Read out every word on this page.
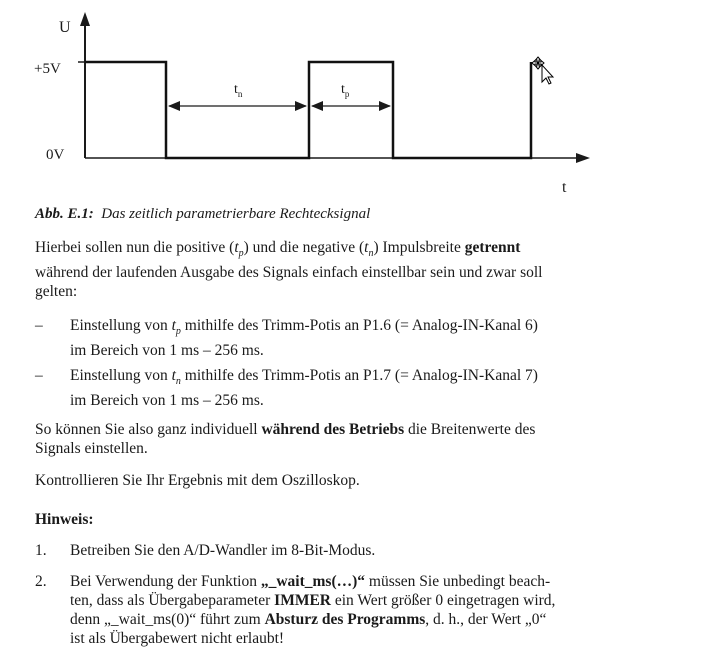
U
+5V
0V
t
$t_n$	$t_p$
Abb. E.1: Das zeitlich parametrierbare Rechtecksignal
Hierbei sollen nun die positive $(t_p)$ und die negative $(t_n)$ Impulsbreite getrennt
während der laufenden Ausgabe des Signals einfach einstellbar sein und zwar soll
gelten:
– Einstellung von $t_p$ mithilfe des Trimm-Potis an P1.6 (= Analog-IN-Kanal 6)
im Bereich von 1 ms – 256 ms.
– Einstellung von $t_n$ mithilfe des Trimm-Potis an P1.7 (= Analog-IN-Kanal 7)
im Bereich von 1 ms – 256 ms.
So können Sie also ganz individuell während des Betriebs die Breitenwerte des
Signals einstellen.
Kontrollieren Sie Ihr Ergebnis mit dem Oszilloskop.
Hinweis:
1. Betreiben Sie den A/D-Wandler im 8-Bit-Modus.
2. Bei Verwendung der Funktion „_wait_ms(…)“ müssen Sie unbedingt beach-
ten, dass als Übergabeparameter IMMER ein Wert größer 0 eingetragen wird,
denn „_wait_ms(0)“ führt zum Absturz des Programms, d. h., der Wert „0“
ist als Übergabewert nicht erlaubt!
